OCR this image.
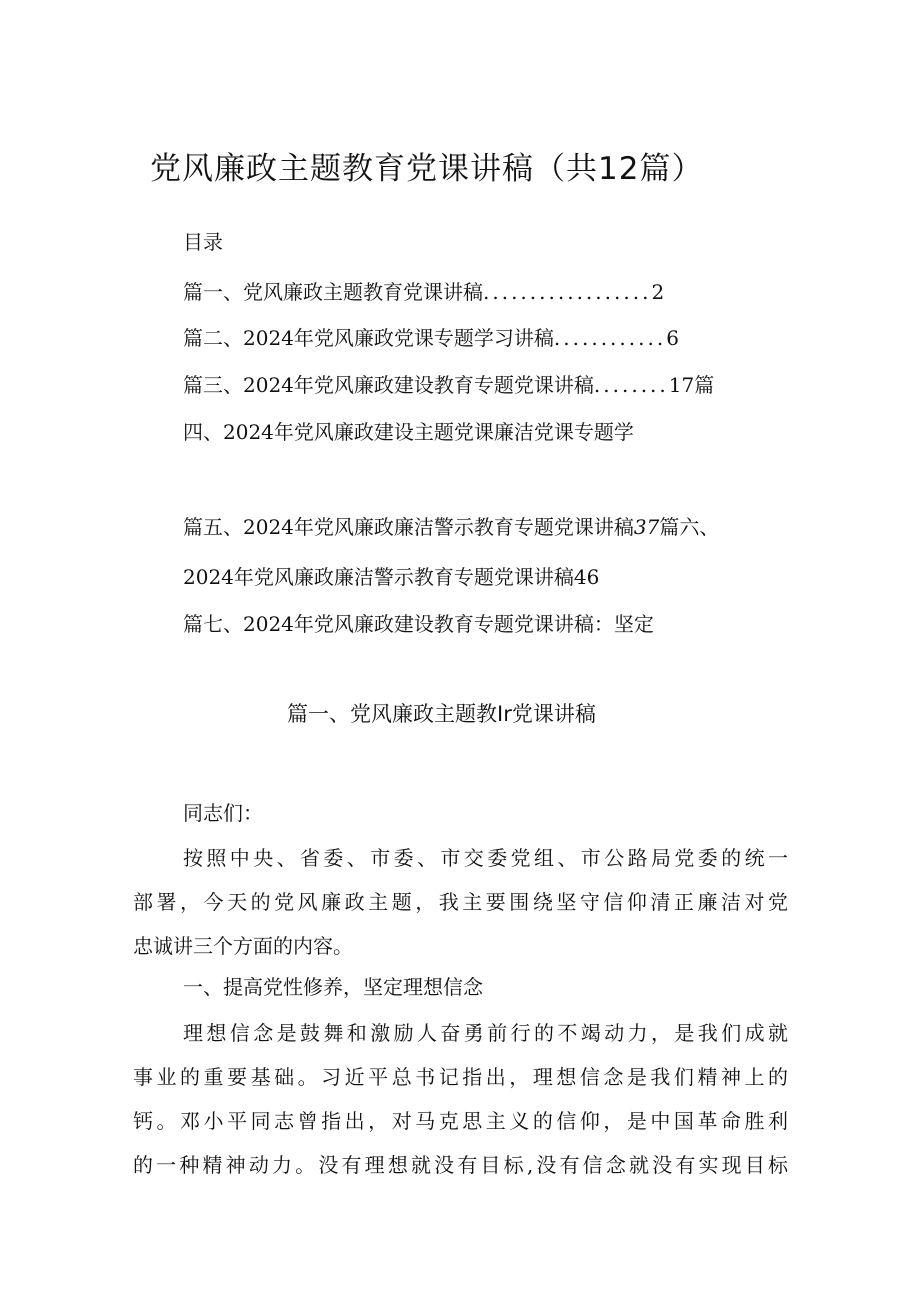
党风廉政主题教育党课讲稿（共12篇）
目录
篇一、党风廉政主题教育党课讲稿..................2
篇二、2024年党风廉政党课专题学习讲稿............6
篇三、2024年党风廉政建设教育专题党课讲稿........17篇
四、2024年党风廉政建设主题党课廉洁党课专题学
篇五、2024年党风廉政廉洁警示教育专题党课讲稿37篇六、
2024年党风廉政廉洁警示教育专题党课讲稿46
篇七、2024年党风廉政建设教育专题党课讲稿：坚定
篇一、党风廉政主题教Ir党课讲稿
同志们：

按照中央、省委、市委、市交委党组、市公路局党委的统一
部署，今天的党风廉政主题，我主要围绕坚守信仰清正廉洁对党
忠诚讲三个方面的内容。

一、提高党性修养，坚定理想信念

理想信念是鼓舞和激励人奋勇前行的不竭动力，是我们成就
事业的重要基础。习近平总书记指出，理想信念是我们精神上的
钙。邓小平同志曾指出，对马克思主义的信仰，是中国革命胜利
的一种精神动力。没有理想就没有目标,没有信念就没有实现目标
